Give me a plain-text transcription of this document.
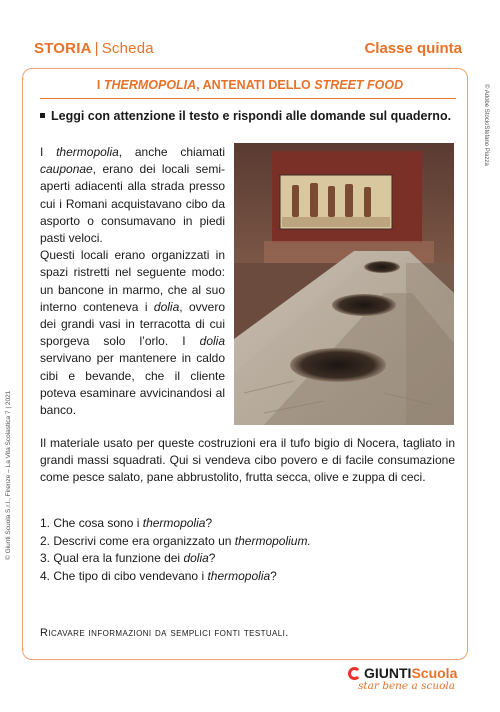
STORIA | Scheda	Classe quinta
I THERMOPOLIA, ANTENATI DELLO STREET FOOD
Leggi con attenzione il testo e rispondi alle domande sul quaderno.
I thermopolia, anche chiamati cauponae, erano dei locali semi-aperti adiacenti alla strada presso cui i Romani acquistavano cibo da asporto o consumavano in piedi pasti veloci.
Questi locali erano organizzati in spazi ristretti nel seguente modo: un bancone in marmo, che al suo interno conteneva i dolia, ovvero dei grandi vasi in terracotta di cui sporgeva solo l’orlo. I dolia servivano per mantenere in caldo cibi e bevande, che il cliente poteva esaminare avvicinandosi al banco.
Il materiale usato per queste costruzioni era il tufo bigio di Nocera, tagliato in grandi massi squadrati. Qui si vendeva cibo povero e di facile consumazione come pesce salato, pane abbrustolito, frutta secca, olive e zuppa di ceci.
1. Che cosa sono i thermopolia?
2. Descrivi come era organizzato un thermopolium.
3. Qual era la funzione dei dolia?
4. Che tipo di cibo vendevano i thermopolia?
Ricavare informazioni da semplici fonti testuali.
© Giunti Scuola S.r.l., Firenze – La Vita Scolastica 7 | 2021
© Adobe Stock/Stefano Piazza
GIUNTI Scuola
star bene a scuola
